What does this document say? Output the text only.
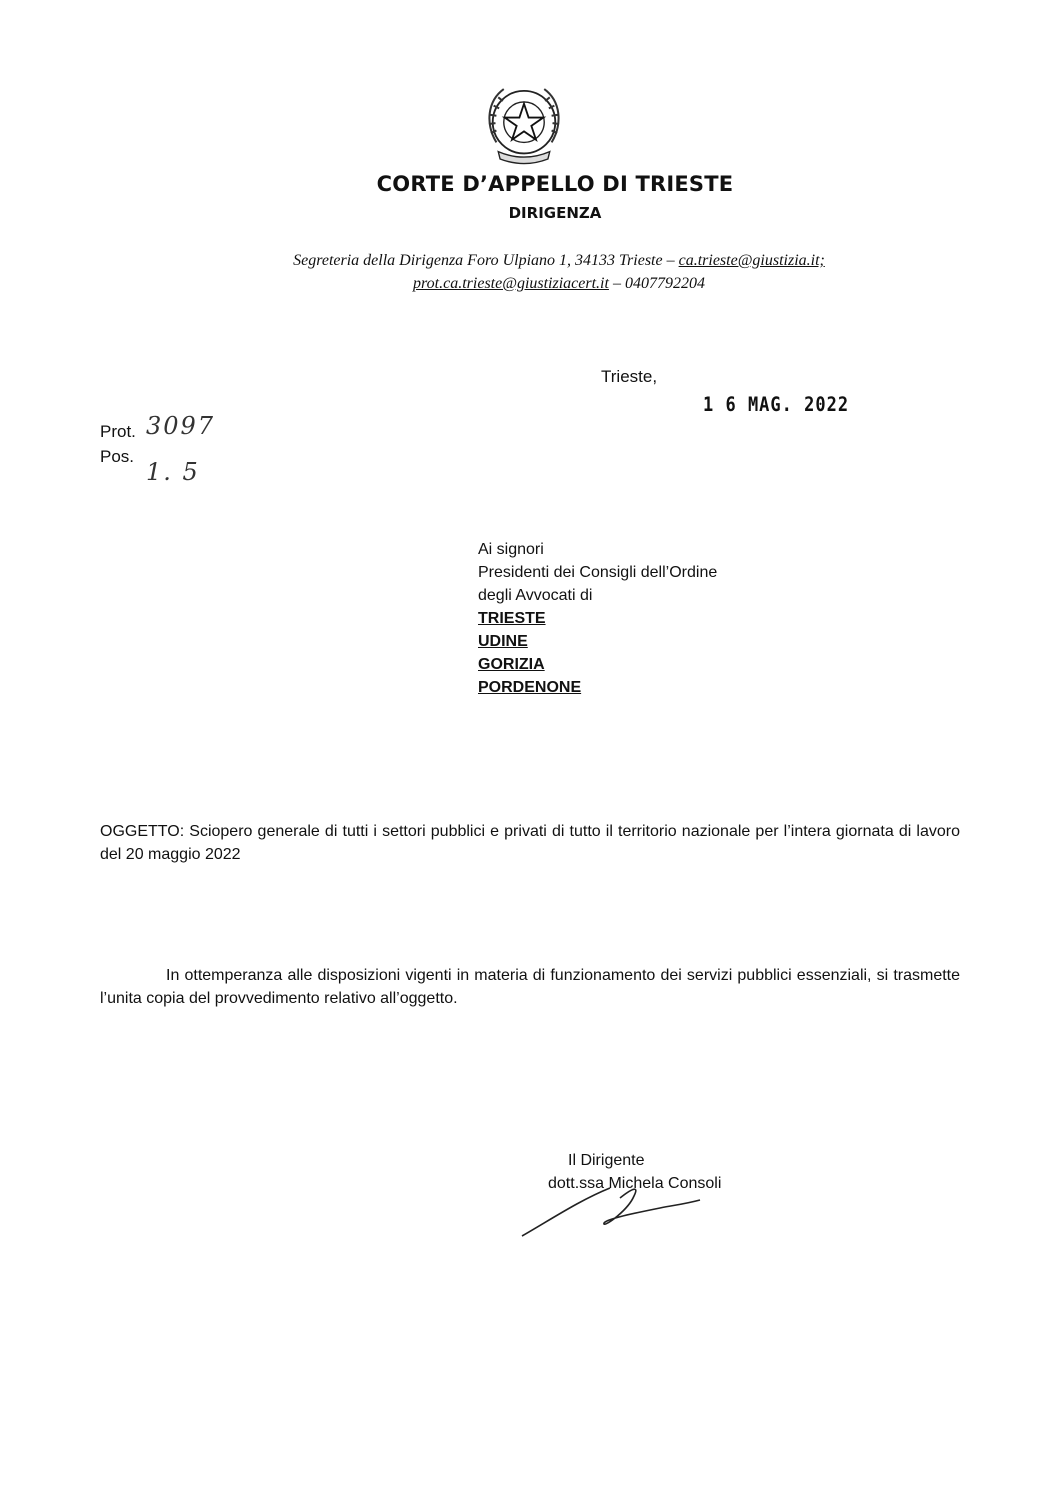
CORTE D’APPELLO DI TRIESTE
DIRIGENZA
Segreteria della Dirigenza Foro Ulpiano 1, 34133 Trieste – ca.trieste@giustizia.it;
prot.ca.trieste@giustiziacert.it – 0407792204
Trieste,
1 6 MAG. 2022
Prot. 3097
Pos.
1. 5
Ai signori
Presidenti dei Consigli dell’Ordine
degli Avvocati di
TRIESTE
UDINE
GORIZIA
PORDENONE
OGGETTO: Sciopero generale di tutti i settori pubblici e privati di tutto il territorio nazionale per l’intera giornata di lavoro del 20 maggio 2022
In ottemperanza alle disposizioni vigenti in materia di funzionamento dei servizi pubblici essenziali, si trasmette l’unita copia del provvedimento relativo all’oggetto.
Il Dirigente
dott.ssa Michela Consoli
